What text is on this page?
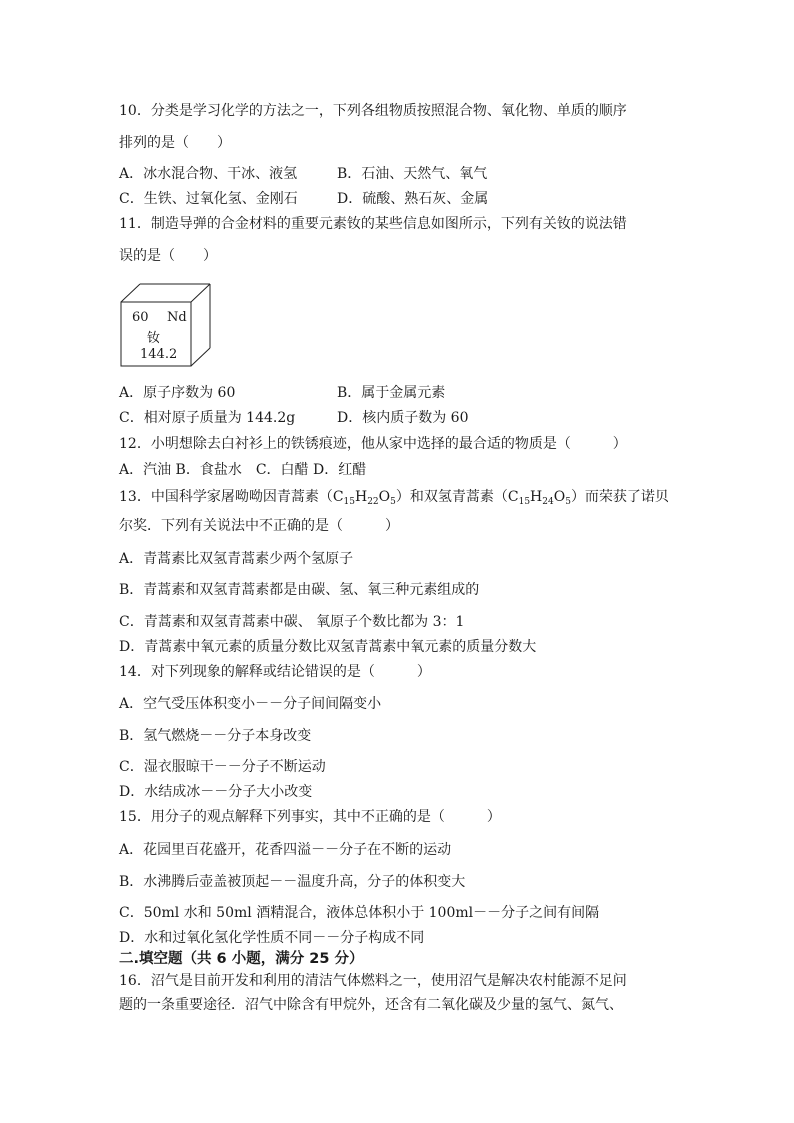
10．分类是学习化学的方法之一，下列各组物质按照混合物、氧化物、单质的顺序
排列的是（　　）
A．冰水混合物、干冰、液氢	B．石油、天然气、氧气
C．生铁、过氧化氢、金刚石	D．硫酸、熟石灰、金属
11．制造导弹的合金材料的重要元素钕的某些信息如图所示，下列有关钕的说法错
误的是（　　）
60 Nd
钕
144.2
A．原子序数为 60	B．属于金属元素
C．相对原子质量为 144.2g	D．核内质子数为 60
12．小明想除去白衬衫上的铁锈痕迹，他从家中选择的最合适的物质是（　　　）
A．汽油 B．食盐水　C．白醋 D．红醋
13．中国科学家屠呦呦因青蒿素$(C_{15}H_{22}O_5)$和双氢青蒿素$(C_{15}H_{24}O_5)$而荣获了诺贝
尔奖．下列有关说法中不正确的是（　　　）
A．青蒿素比双氢青蒿素少两个氢原子
B．青蒿素和双氢青蒿素都是由碳、氢、氧三种元素组成的
C．青蒿素和双氢青蒿素中碳、 氧原子个数比都为 3：1
D．青蒿素中氧元素的质量分数比双氢青蒿素中氧元素的质量分数大
14．对下列现象的解释或结论错误的是（　　　）
A．空气受压体积变小－－分子间间隔变小
B．氢气燃烧－－分子本身改变
C．湿衣服晾干－－分子不断运动
D．水结成冰－－分子大小改变
15．用分子的观点解释下列事实，其中不正确的是（　　　）
A．花园里百花盛开，花香四溢－－分子在不断的运动
B．水沸腾后壶盖被顶起－－温度升高，分子的体积变大
C．50ml 水和 50ml 酒精混合，液体总体积小于 100ml－－分子之间有间隔
D．水和过氧化氢化学性质不同－－分子构成不同
二.填空题（共 6 小题，满分 25 分）
16．沼气是目前开发和利用的清洁气体燃料之一，使用沼气是解决农村能源不足问
题的一条重要途径．沼气中除含有甲烷外，还含有二氧化碳及少量的氢气、氮气、
